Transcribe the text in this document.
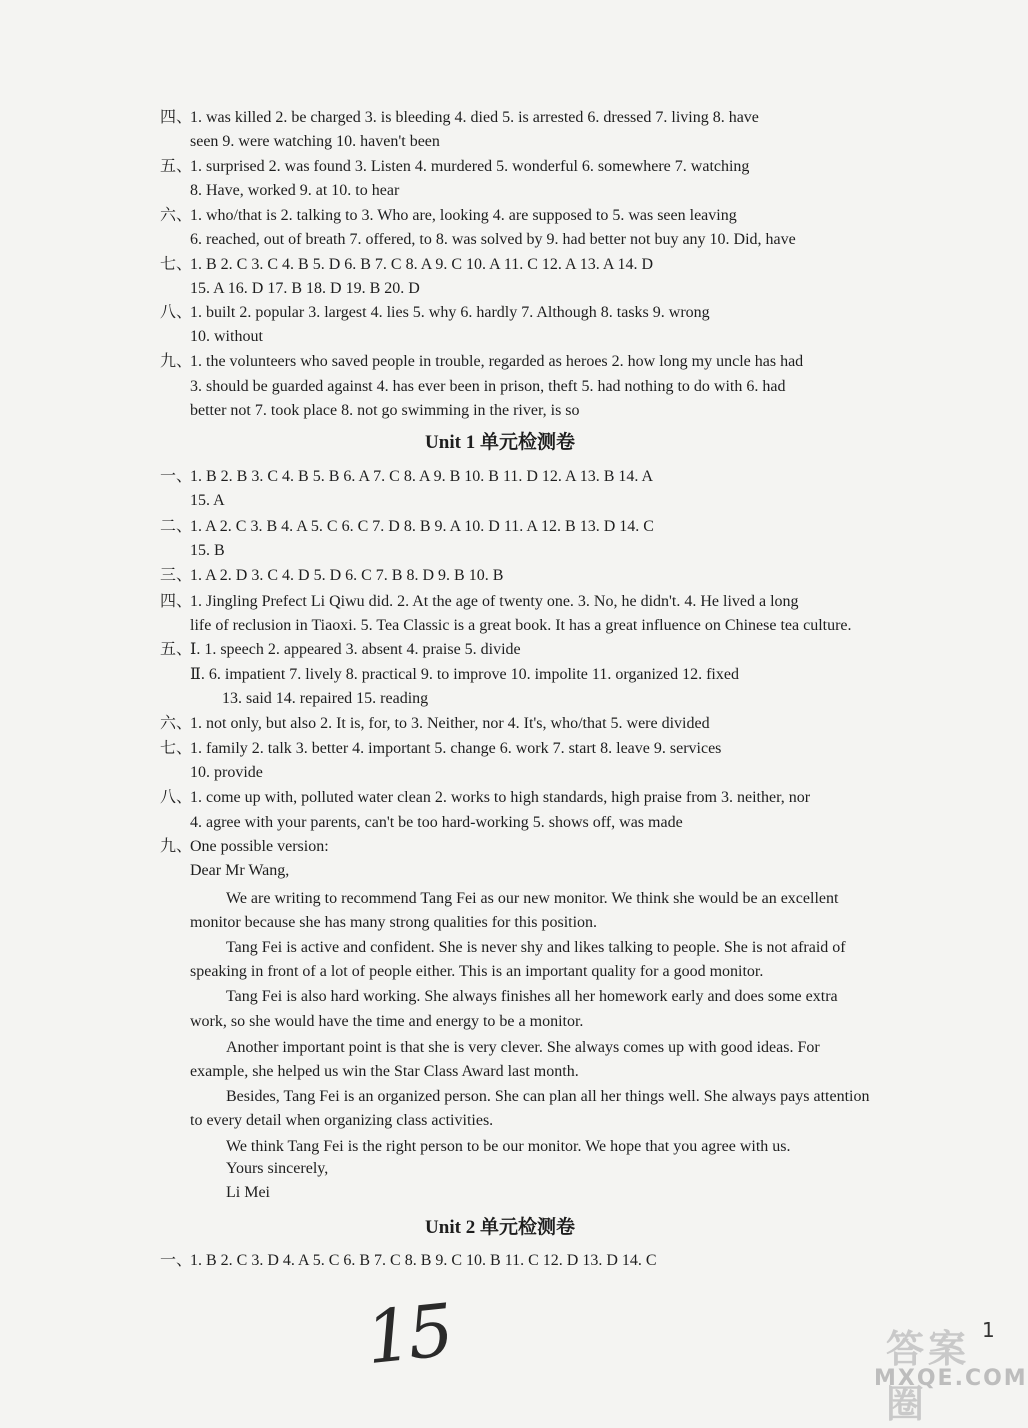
四、
1. was killed 2. be charged 3. is bleeding 4. died 5. is arrested 6. dressed 7. living 8. have
seen 9. were watching 10. haven't been
五、
1. surprised 2. was found 3. Listen 4. murdered 5. wonderful 6. somewhere 7. watching
8. Have, worked 9. at 10. to hear
六、
1. who/that is 2. talking to 3. Who are, looking 4. are supposed to 5. was seen leaving
6. reached, out of breath 7. offered, to 8. was solved by 9. had better not buy any 10. Did, have
七、
1. B 2. C 3. C 4. B 5. D 6. B 7. C 8. A 9. C 10. A 11. C 12. A 13. A 14. D
15. A 16. D 17. B 18. D 19. B 20. D
八、
1. built 2. popular 3. largest 4. lies 5. why 6. hardly 7. Although 8. tasks 9. wrong
10. without
九、
1. the volunteers who saved people in trouble, regarded as heroes 2. how long my uncle has had
3. should be guarded against 4. has ever been in prison, theft 5. had nothing to do with 6. had
better not 7. took place 8. not go swimming in the river, is so
Unit 1 单元检测卷
一、
1. B 2. B 3. C 4. B 5. B 6. A 7. C 8. A 9. B 10. B 11. D 12. A 13. B 14. A
15. A
二、
1. A 2. C 3. B 4. A 5. C 6. C 7. D 8. B 9. A 10. D 11. A 12. B 13. D 14. C
15. B
三、
1. A 2. D 3. C 4. D 5. D 6. C 7. B 8. D 9. B 10. B
四、
1. Jingling Prefect Li Qiwu did. 2. At the age of twenty one. 3. No, he didn't. 4. He lived a long
life of reclusion in Tiaoxi. 5. Tea Classic is a great book. It has a great influence on Chinese tea culture.
五、
Ⅰ. 1. speech 2. appeared 3. absent 4. praise 5. divide
Ⅱ. 6. impatient 7. lively 8. practical 9. to improve 10. impolite 11. organized 12. fixed
13. said 14. repaired 15. reading
六、
1. not only, but also 2. It is, for, to 3. Neither, nor 4. It's, who/that 5. were divided
七、
1. family 2. talk 3. better 4. important 5. change 6. work 7. start 8. leave 9. services
10. provide
八、
1. come up with, polluted water clean 2. works to high standards, high praise from 3. neither, nor
4. agree with your parents, can't be too hard-working 5. shows off, was made
九、
One possible version:
Dear Mr Wang,
We are writing to recommend Tang Fei as our new monitor. We think she would be an excellent
monitor because she has many strong qualities for this position.
Tang Fei is active and confident. She is never shy and likes talking to people. She is not afraid of
speaking in front of a lot of people either. This is an important quality for a good monitor.
Tang Fei is also hard working. She always finishes all her homework early and does some extra
work, so she would have the time and energy to be a monitor.
Another important point is that she is very clever. She always comes up with good ideas. For
example, she helped us win the Star Class Award last month.
Besides, Tang Fei is an organized person. She can plan all her things well. She always pays attention
to every detail when organizing class activities.
We think Tang Fei is the right person to be our monitor. We hope that you agree with us.
Yours sincerely,
Li Mei
Unit 2 单元检测卷
一、
1. B 2. C 3. D 4. A 5. C 6. B 7. C 8. B 9. C 10. B 11. C 12. D 13. D 14. C
15	1
答案圈
MXQE.COM
